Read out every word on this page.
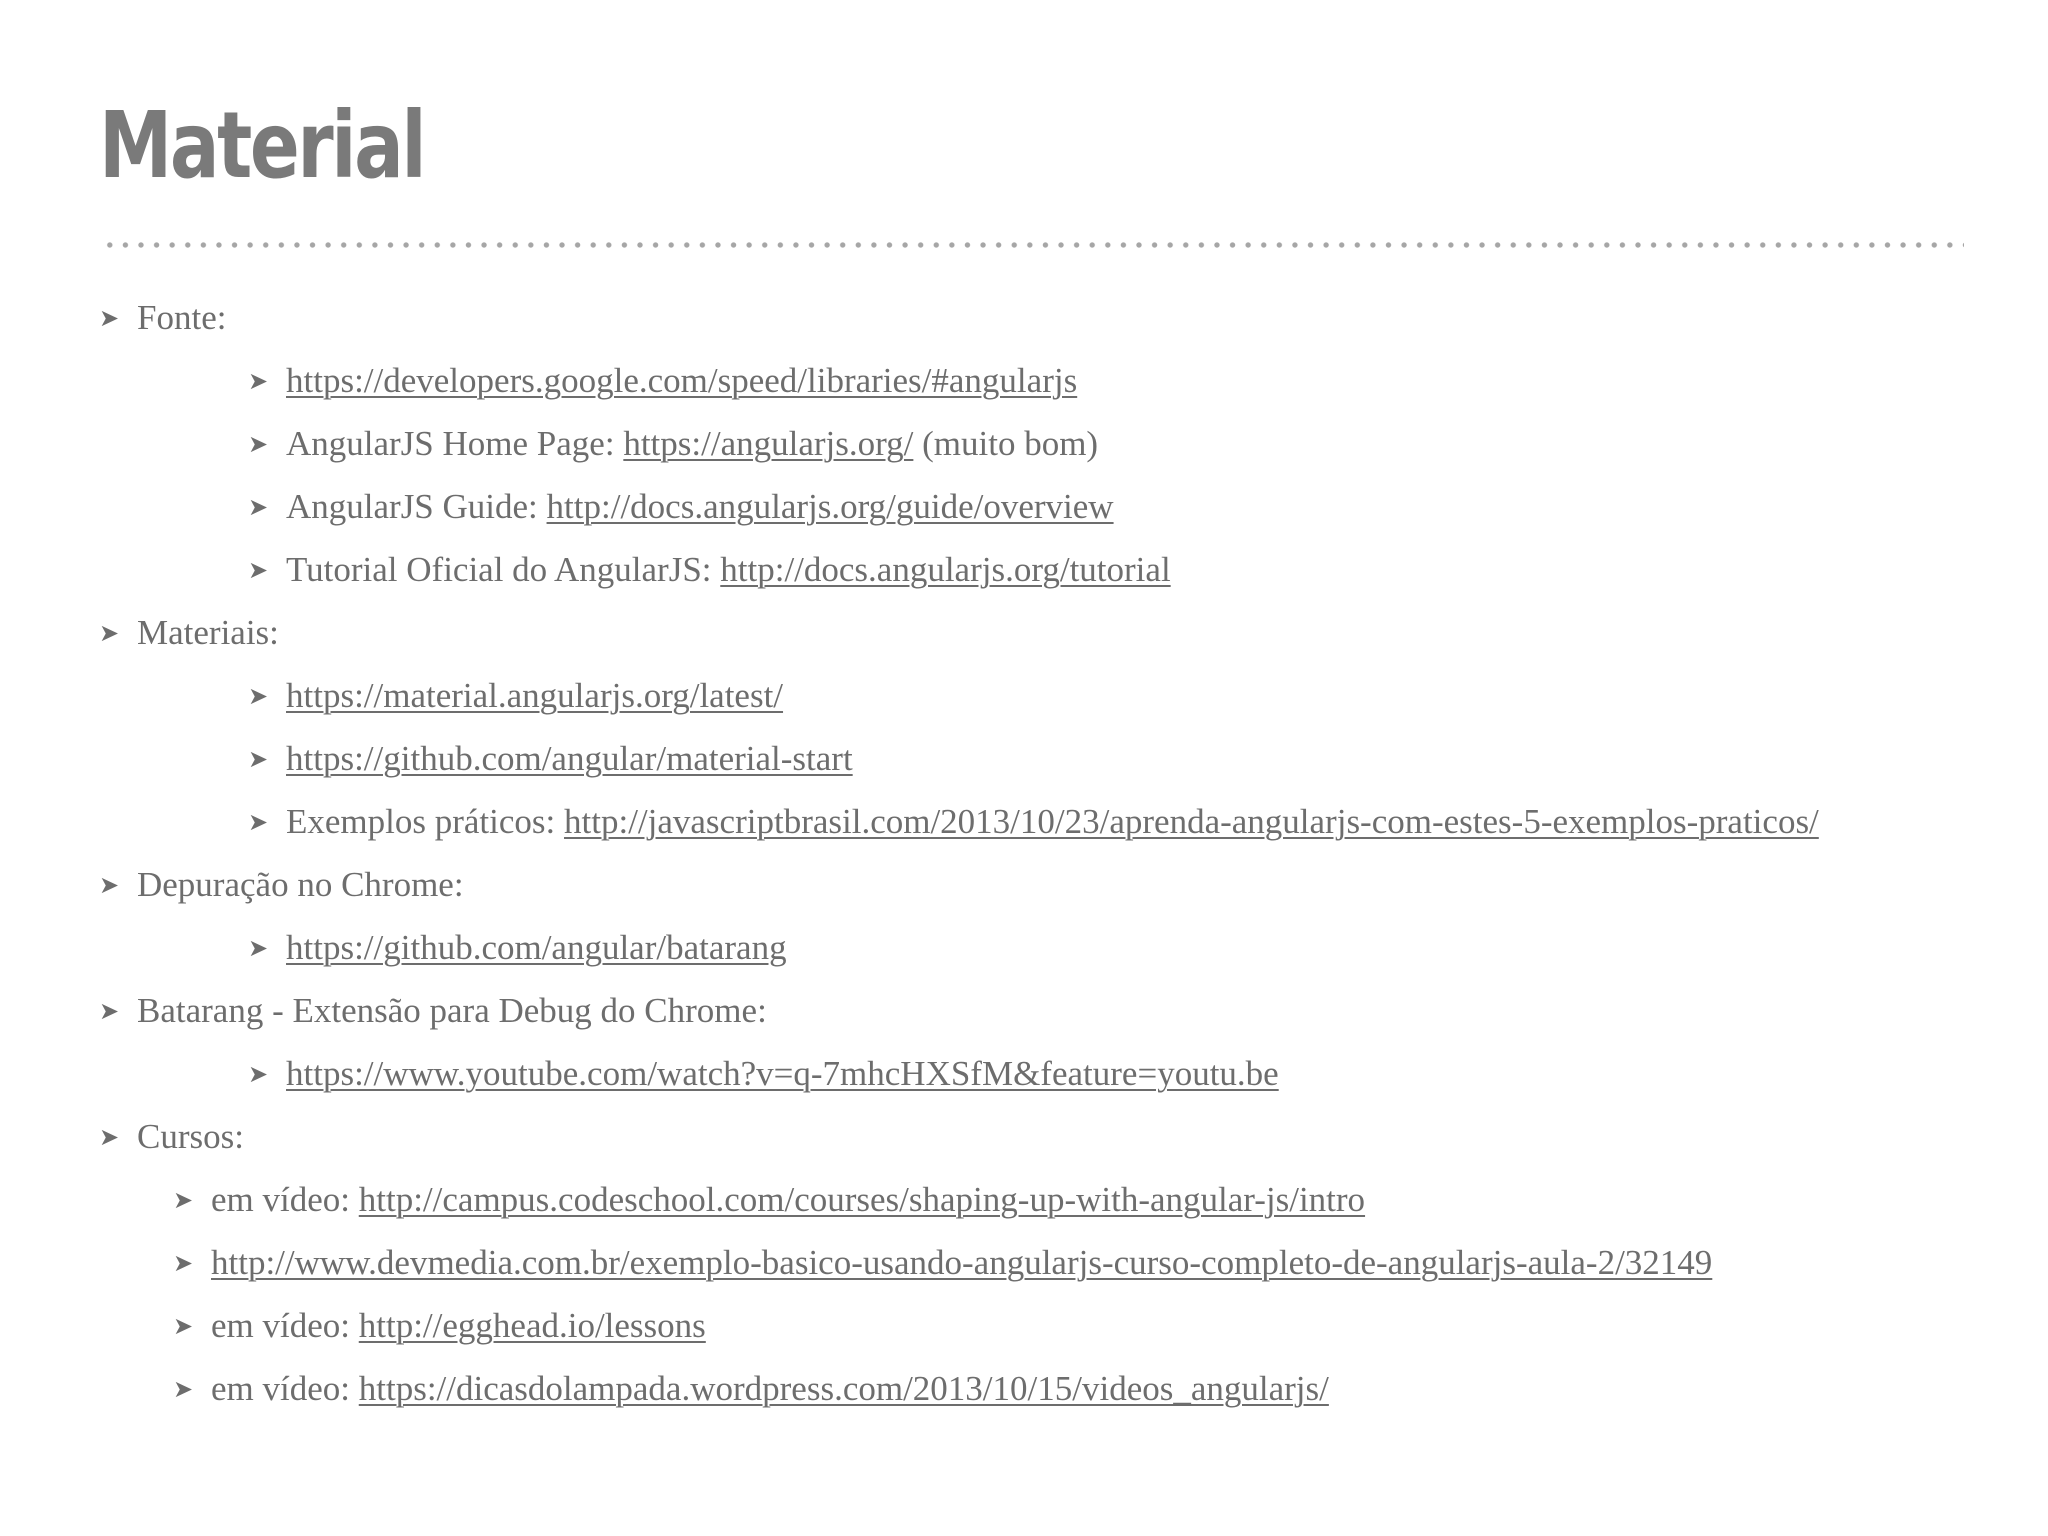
Material
➤ Fonte:
➤ https://developers.google.com/speed/libraries/#angularjs
➤ AngularJS Home Page: https://angularjs.org/ (muito bom)
➤ AngularJS Guide: http://docs.angularjs.org/guide/overview
➤ Tutorial Oficial do AngularJS: http://docs.angularjs.org/tutorial
➤ Materiais:
➤ https://material.angularjs.org/latest/
➤ https://github.com/angular/material-start
➤ Exemplos práticos: http://javascriptbrasil.com/2013/10/23/aprenda-angularjs-com-estes-5-exemplos-praticos/
➤ Depuração no Chrome:
➤ https://github.com/angular/batarang
➤ Batarang - Extensão para Debug do Chrome:
➤ https://www.youtube.com/watch?v=q-7mhcHXSfM&feature=youtu.be
➤ Cursos:
➤ em vídeo: http://campus.codeschool.com/courses/shaping-up-with-angular-js/intro
➤ http://www.devmedia.com.br/exemplo-basico-usando-angularjs-curso-completo-de-angularjs-aula-2/32149
➤ em vídeo: http://egghead.io/lessons
➤ em vídeo: https://dicasdolampada.wordpress.com/2013/10/15/videos_angularjs/
